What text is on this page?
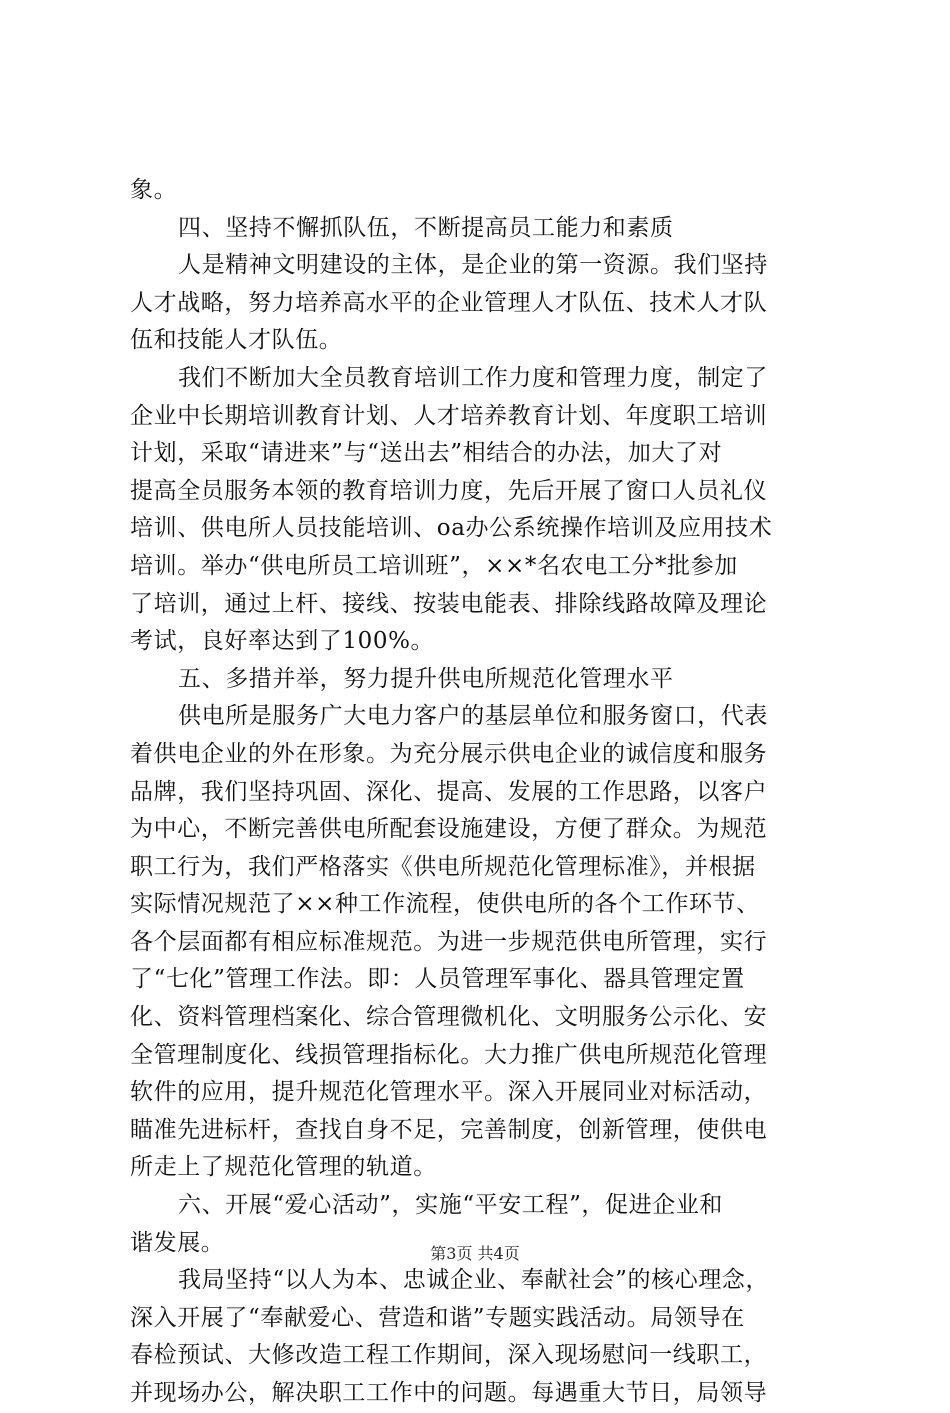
象。
四、坚持不懈抓队伍，不断提高员工能力和素质
人是精神文明建设的主体，是企业的第一资源。我们坚持
人才战略，努力培养高水平的企业管理人才队伍、技术人才队
伍和技能人才队伍。
我们不断加大全员教育培训工作力度和管理力度，制定了
企业中长期培训教育计划、人才培养教育计划、年度职工培训
计划，采取“请进来”与“送出去”相结合的办法，加大了对
提高全员服务本领的教育培训力度，先后开展了窗口人员礼仪
培训、供电所人员技能培训、oa办公系统操作培训及应用技术
培训。举办“供电所员工培训班”，××*名农电工分*批参加
了培训，通过上杆、接线、按装电能表、排除线路故障及理论
考试，良好率达到了100%。
五、多措并举，努力提升供电所规范化管理水平
供电所是服务广大电力客户的基层单位和服务窗口，代表
着供电企业的外在形象。为充分展示供电企业的诚信度和服务
品牌，我们坚持巩固、深化、提高、发展的工作思路，以客户
为中心，不断完善供电所配套设施建设，方便了群众。为规范
职工行为，我们严格落实《供电所规范化管理标准》，并根据
实际情况规范了××种工作流程，使供电所的各个工作环节、
各个层面都有相应标准规范。为进一步规范供电所管理，实行
了“七化”管理工作法。即：人员管理军事化、器具管理定置
化、资料管理档案化、综合管理微机化、文明服务公示化、安
全管理制度化、线损管理指标化。大力推广供电所规范化管理
软件的应用，提升规范化管理水平。深入开展同业对标活动，
瞄准先进标杆，查找自身不足，完善制度，创新管理，使供电
所走上了规范化管理的轨道。
六、开展“爱心活动”，实施“平安工程”，促进企业和
谐发展。
我局坚持“以人为本、忠诚企业、奉献社会”的核心理念，
深入开展了“奉献爱心、营造和谐”专题实践活动。局领导在
春检预试、大修改造工程工作期间，深入现场慰问一线职工，
并现场办公，解决职工工作中的问题。每遇重大节日，局领导
第3页 共4页
